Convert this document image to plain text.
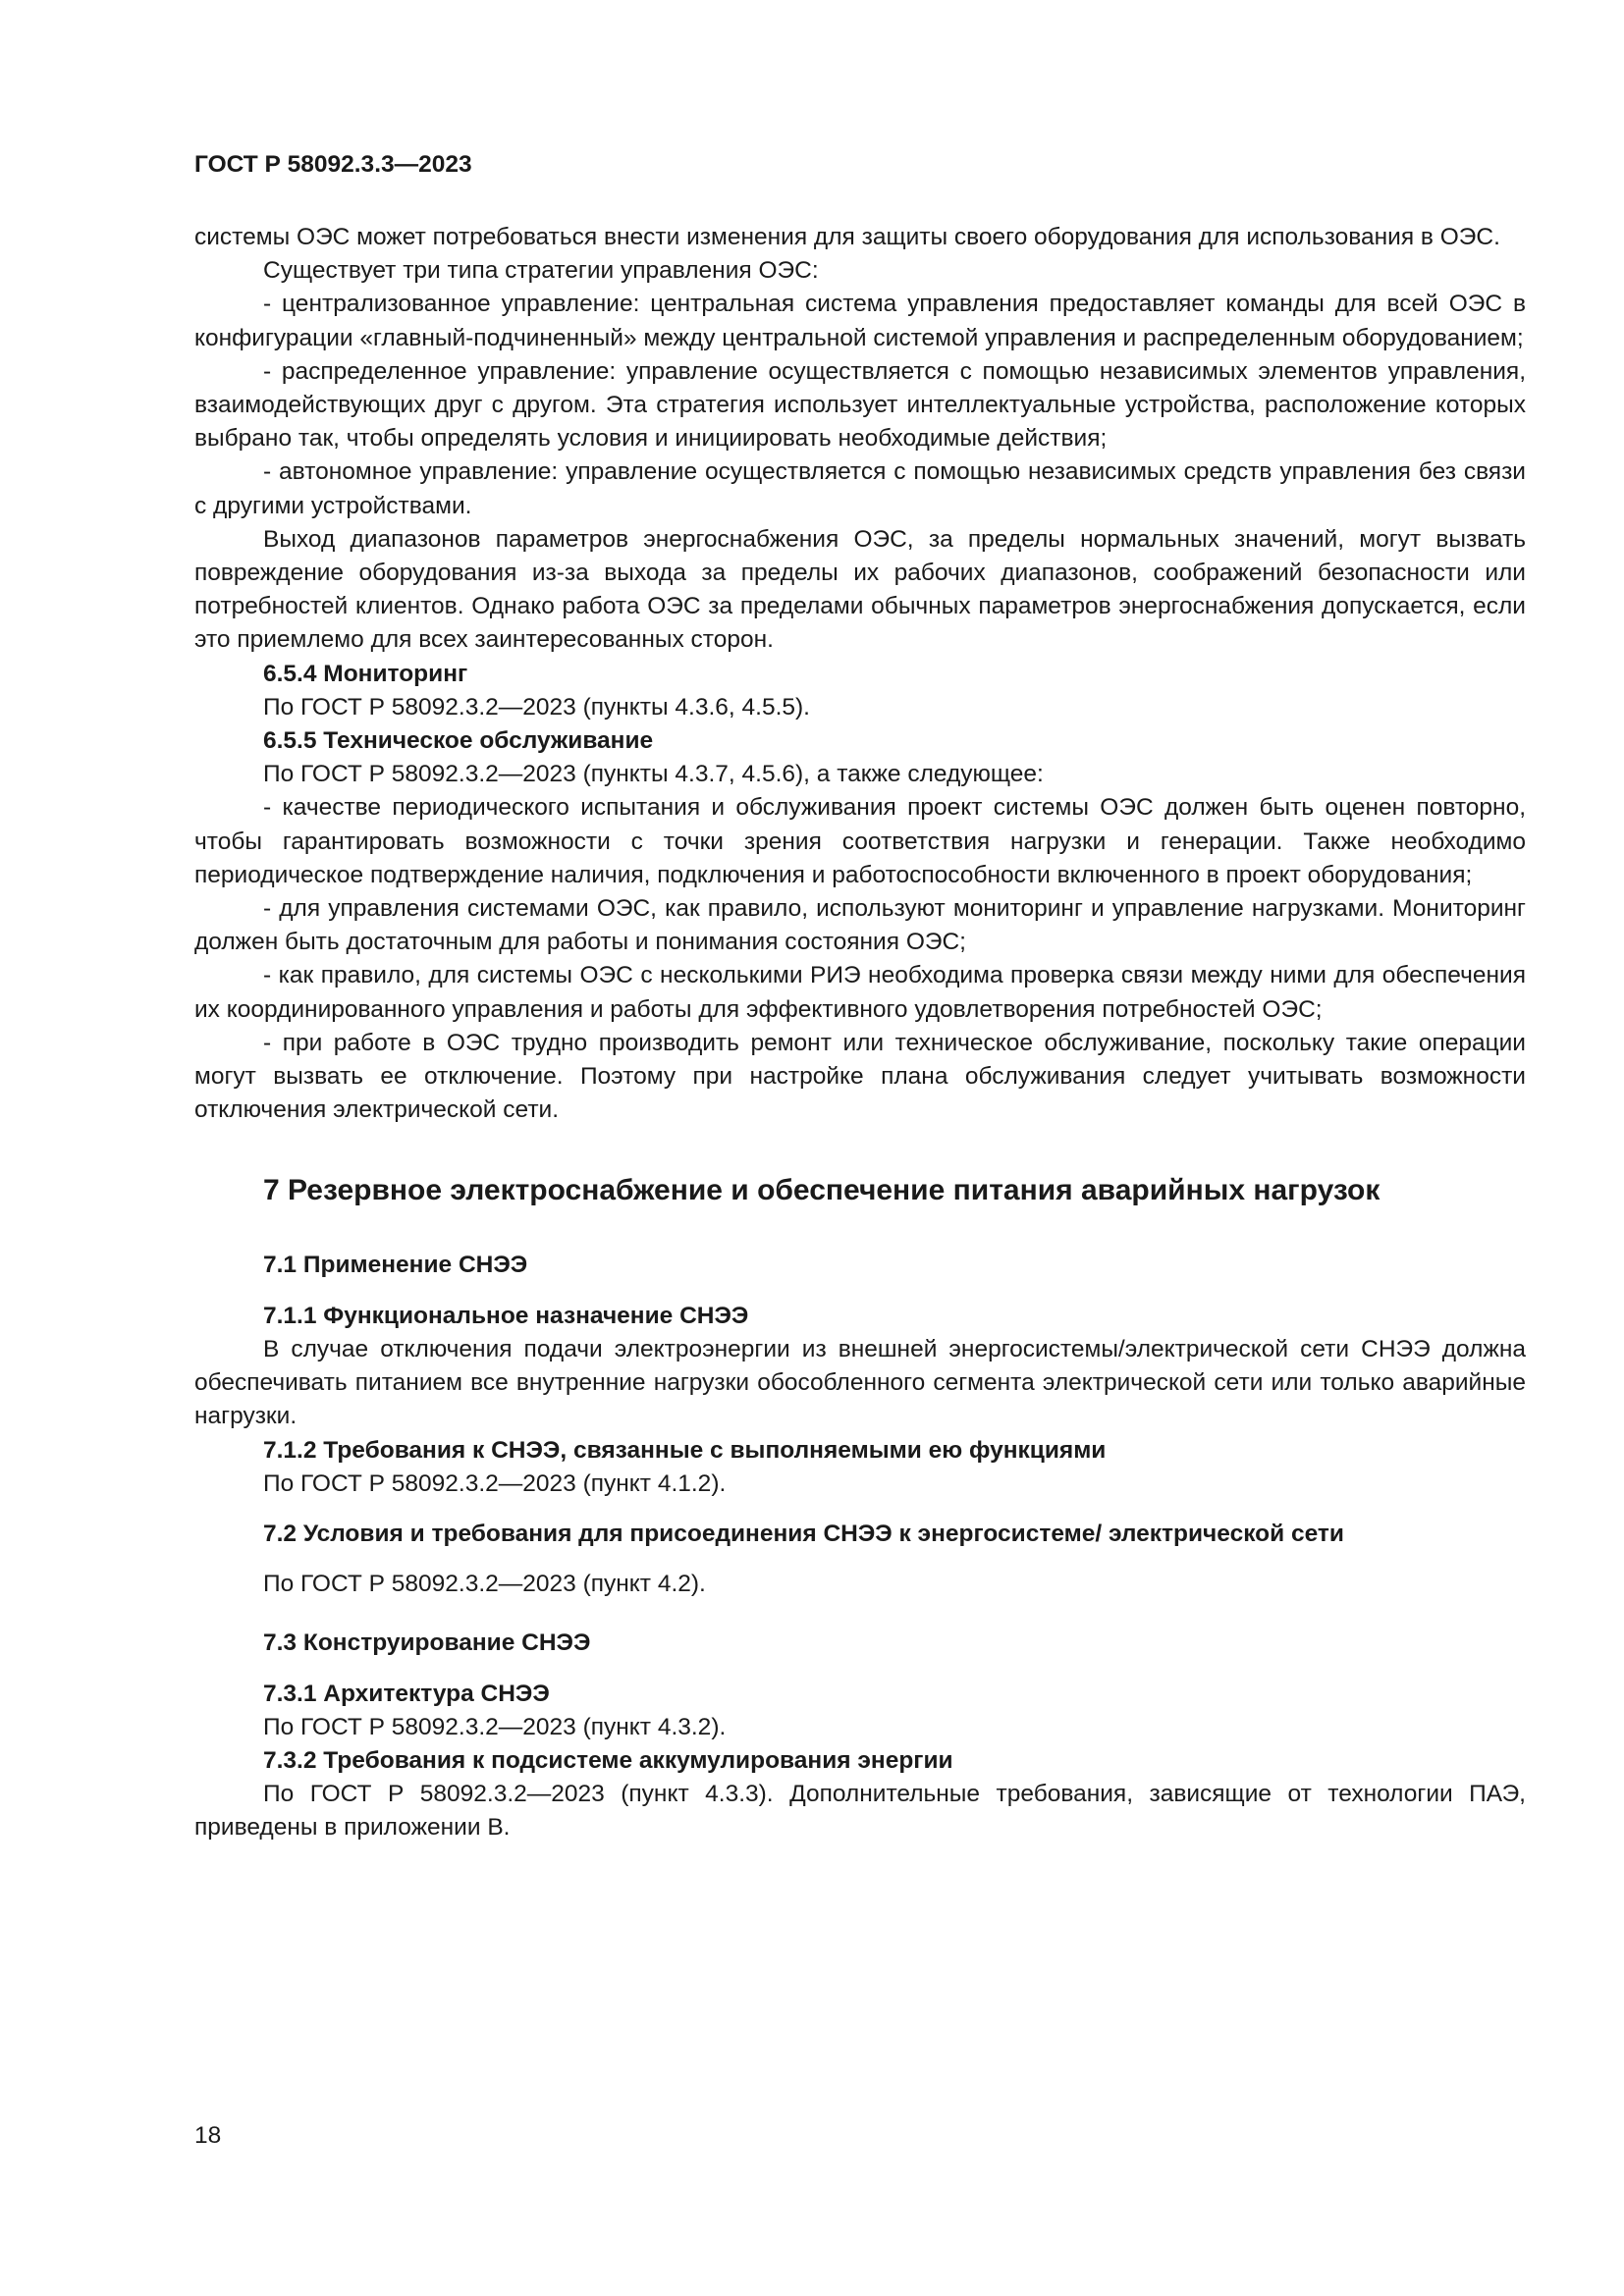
ГОСТ Р 58092.3.3—2023

системы ОЭС может потребоваться внести изменения для защиты своего оборудования для использования в ОЭС.

Существует три типа стратегии управления ОЭС:

- централизованное управление: центральная система управления предоставляет команды для всей ОЭС в конфигурации «главный-подчиненный» между центральной системой управления и распределенным оборудованием;

- распределенное управление: управление осуществляется с помощью независимых элементов управления, взаимодействующих друг с другом. Эта стратегия использует интеллектуальные устройства, расположение которых выбрано так, чтобы определять условия и инициировать необходимые действия;

- автономное управление: управление осуществляется с помощью независимых средств управления без связи с другими устройствами.

Выход диапазонов параметров энергоснабжения ОЭС, за пределы нормальных значений, могут вызвать повреждение оборудования из-за выхода за пределы их рабочих диапазонов, соображений безопасности или потребностей клиентов. Однако работа ОЭС за пределами обычных параметров энергоснабжения допускается, если это приемлемо для всех заинтересованных сторон.

6.5.4 Мониторинг

По ГОСТ Р 58092.3.2—2023 (пункты 4.3.6, 4.5.5).

6.5.5 Техническое обслуживание

По ГОСТ Р 58092.3.2—2023 (пункты 4.3.7, 4.5.6), а также следующее:

- качестве периодического испытания и обслуживания проект системы ОЭС должен быть оценен повторно, чтобы гарантировать возможности с точки зрения соответствия нагрузки и генерации. Также необходимо периодическое подтверждение наличия, подключения и работоспособности включенного в проект оборудования;

- для управления системами ОЭС, как правило, используют мониторинг и управление нагрузками. Мониторинг должен быть достаточным для работы и понимания состояния ОЭС;

- как правило, для системы ОЭС с несколькими РИЭ необходима проверка связи между ними для обеспечения их координированного управления и работы для эффективного удовлетворения потребностей ОЭС;

- при работе в ОЭС трудно производить ремонт или техническое обслуживание, поскольку такие операции могут вызвать ее отключение. Поэтому при настройке плана обслуживания следует учитывать возможности отключения электрической сети.

7 Резервное электроснабжение и обеспечение питания аварийных нагрузок

7.1 Применение СНЭЭ

7.1.1 Функциональное назначение СНЭЭ

В случае отключения подачи электроэнергии из внешней энергосистемы/электрической сети СНЭЭ должна обеспечивать питанием все внутренние нагрузки обособленного сегмента электрической сети или только аварийные нагрузки.

7.1.2 Требования к СНЭЭ, связанные с выполняемыми ею функциями

По ГОСТ Р 58092.3.2—2023 (пункт 4.1.2).

7.2 Условия и требования для присоединения СНЭЭ к энергосистеме/ электрической сети

По ГОСТ Р 58092.3.2—2023 (пункт 4.2).

7.3 Конструирование СНЭЭ

7.3.1 Архитектура СНЭЭ

По ГОСТ Р 58092.3.2—2023 (пункт 4.3.2).

7.3.2 Требования к подсистеме аккумулирования энергии

По ГОСТ Р 58092.3.2—2023 (пункт 4.3.3). Дополнительные требования, зависящие от технологии ПАЭ, приведены в приложении В.

18
